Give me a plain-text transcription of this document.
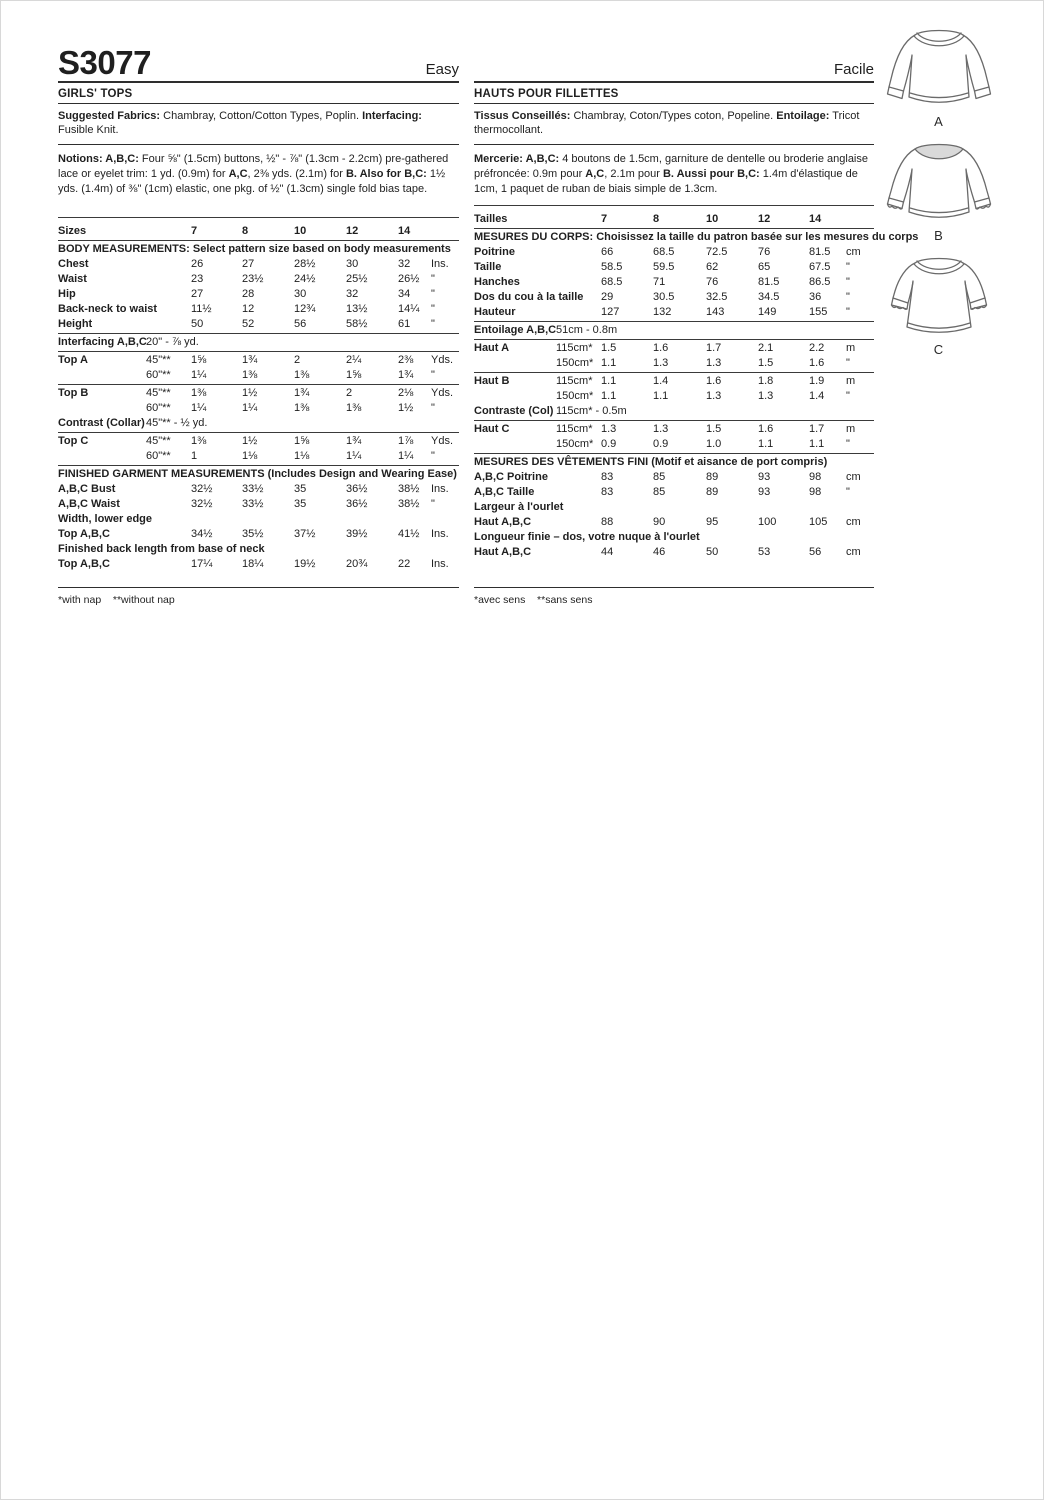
S3077	Easy
GIRLS' TOPS
Suggested Fabrics: Chambray, Cotton/Cotton Types, Poplin. Interfacing: Fusible Knit.
Notions: A,B,C: Four ⅝" (1.5cm) buttons, ½" - ⅞" (1.3cm - 2.2cm) pre-gathered lace or eyelet trim: 1 yd. (0.9m) for A,C, 2⅜ yds. (2.1m) for B. Also for B,C: 1½ yds. (1.4m) of ⅜" (1cm) elastic, one pkg. of ½" (1.3cm) single fold bias tape.
Sizes		7	8	10	12	14	
BODY MEASUREMENTS: Select pattern size based on body measurements							
Chest		26	27	28½	30	32	Ins.
Waist		23	23½	24½	25½	26½	"
Hip		27	28	30	32	34	"
Back-neck to waist		11½	12	12¾	13½	14¼	"
Height		50	52	56	58½	61	"
Interfacing A,B,C	20" - ⅞ yd.						
Top A	45"**	1⅝	1¾	2	2¼	2⅜	Yds.
	60"**	1¼	1⅜	1⅜	1⅝	1¾	"
Top B	45"**	1⅜	1½	1¾	2	2⅛	Yds.
	60"**	1¼	1¼	1⅜	1⅜	1½	"
Contrast (Collar)	45"** - ½ yd.						
Top C	45"**	1⅜	1½	1⅝	1¾	1⅞	Yds.
	60"**	1	1⅛	1⅛	1¼	1¼	"
FINISHED GARMENT MEASUREMENTS (Includes Design and Wearing Ease)							
A,B,C Bust		32½	33½	35	36½	38½	Ins.
A,B,C Waist		32½	33½	35	36½	38½	"
Width, lower edge							
Top A,B,C		34½	35½	37½	39½	41½	Ins.
Finished back length from base of neck							
Top A,B,C		17¼	18¼	19½	20¾	22	Ins.
Facile
HAUTS POUR FILLETTES
Tissus Conseillés: Chambray, Coton/Types coton, Popeline. Entoilage: Tricot thermocollant.
Mercerie: A,B,C: 4 boutons de 1.5cm, garniture de dentelle ou broderie anglaise préfroncée: 0.9m pour A,C, 2.1m pour B. Aussi pour B,C: 1.4m d'élastique de 1cm, 1 paquet de ruban de biais simple de 1.3cm.
Tailles		7	8	10	12	14	
MESURES DU CORPS: Choisissez la taille du patron basée sur les mesures du corps							
Poitrine		66	68.5	72.5	76	81.5	cm
Taille		58.5	59.5	62	65	67.5	"
Hanches		68.5	71	76	81.5	86.5	"
Dos du cou à la taille		29	30.5	32.5	34.5	36	"
Hauteur		127	132	143	149	155	"
Entoilage A,B,C	51cm - 0.8m						
Haut A	115cm*	1.5	1.6	1.7	2.1	2.2	m
	150cm*	1.1	1.3	1.3	1.5	1.6	"
Haut B	115cm*	1.1	1.4	1.6	1.8	1.9	m
	150cm*	1.1	1.1	1.3	1.3	1.4	"
Contraste (Col)	115cm* - 0.5m						
Haut C	115cm*	1.3	1.3	1.5	1.6	1.7	m
	150cm*	0.9	0.9	1.0	1.1	1.1	"
MESURES DES VÊTEMENTS FINI (Motif et aisance de port compris)							
A,B,C Poitrine		83	85	89	93	98	cm
A,B,C Taille		83	85	89	93	98	"
Largeur à l'ourlet							
Haut A,B,C		88	90	95	100	105	cm
Longueur finie – dos, votre nuque à l'ourlet							
Haut A,B,C		44	46	50	53	56	cm
*with nap    **without nap	*avec sens    **sans sens
A
B
C
